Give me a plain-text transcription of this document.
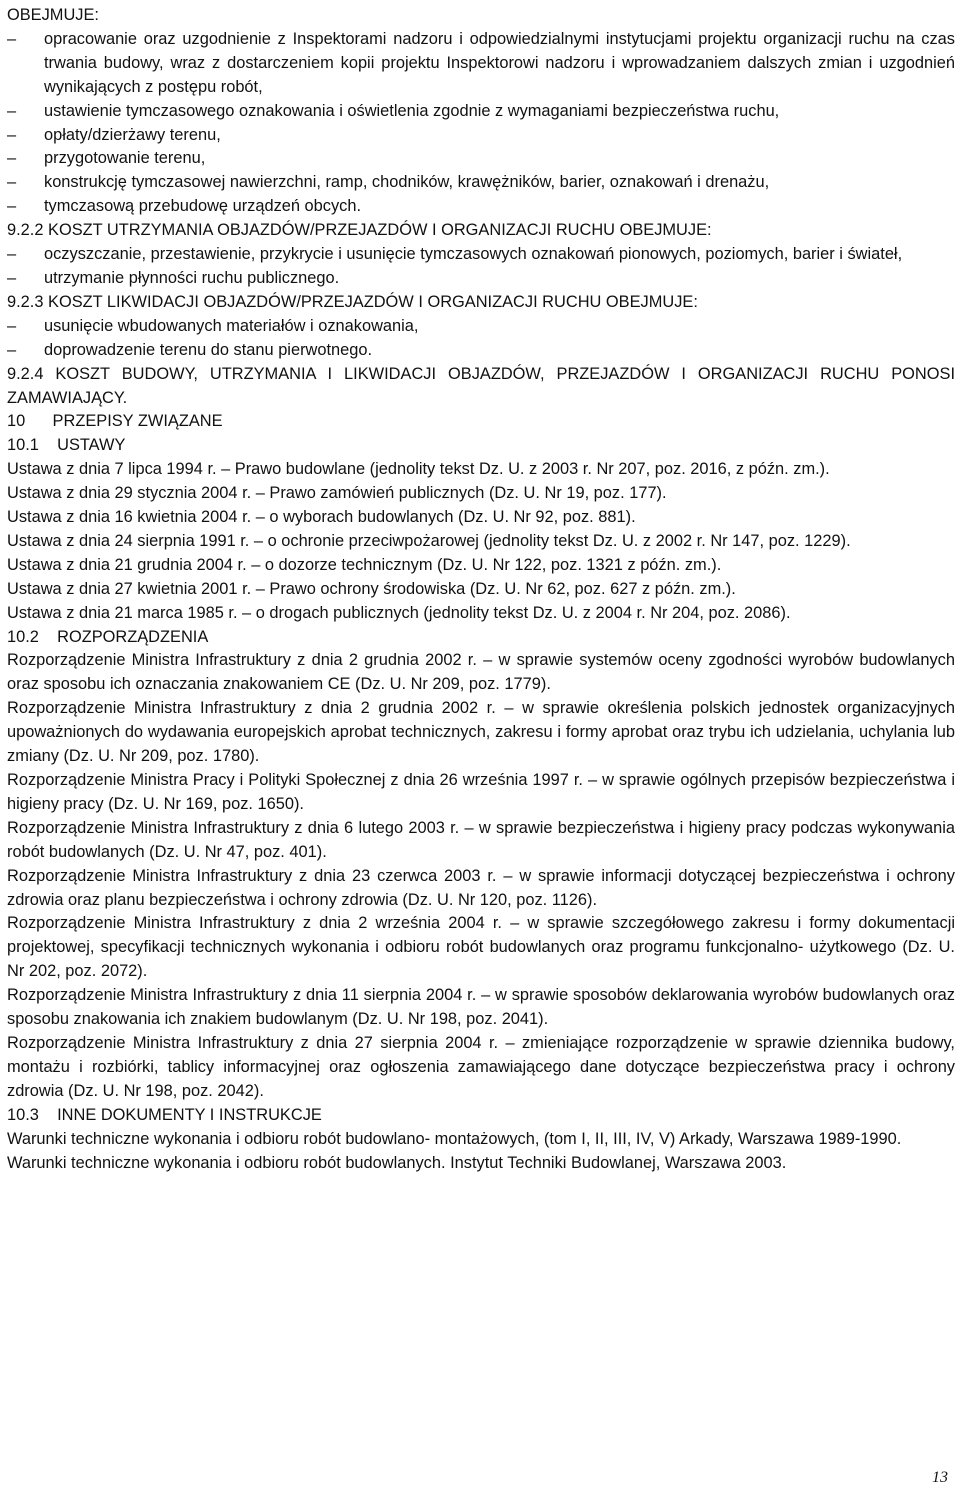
OBEJMUJE:

–	opracowanie oraz uzgodnienie z Inspektorami nadzoru i odpowiedzialnymi instytucjami projektu organizacji ruchu na czas trwania budowy, wraz z dostarczeniem kopii projektu Inspektorowi nadzoru i wprowadzaniem dalszych zmian i uzgodnień wynikających z postępu robót,
–	ustawienie tymczasowego oznakowania i oświetlenia zgodnie z wymaganiami bezpieczeństwa ruchu,
–	opłaty/dzierżawy terenu,
–	przygotowanie terenu,
–	konstrukcję tymczasowej nawierzchni, ramp, chodników, krawężników, barier, oznakowań i drenażu,
–	tymczasową przebudowę urządzeń obcych.

9.2.2 KOSZT UTRZYMANIA OBJAZDÓW/PRZEJAZDÓW I ORGANIZACJI RUCHU OBEJMUJE:

–	oczyszczanie, przestawienie, przykrycie i usunięcie tymczasowych oznakowań pionowych, poziomych, barier i świateł,
–	utrzymanie płynności ruchu publicznego.

9.2.3 KOSZT LIKWIDACJI OBJAZDÓW/PRZEJAZDÓW I ORGANIZACJI RUCHU OBEJMUJE:

–	usunięcie wbudowanych materiałów i oznakowania,
–	doprowadzenie terenu do stanu pierwotnego.

9.2.4 KOSZT BUDOWY, UTRZYMANIA I LIKWIDACJI OBJAZDÓW, PRZEJAZDÓW I ORGANIZACJI RUCHU PONOSI ZAMAWIAJĄCY.

10      PRZEPISY ZWIĄZANE

10.1    USTAWY

Ustawa z dnia 7 lipca 1994 r. – Prawo budowlane (jednolity tekst Dz. U. z 2003 r. Nr 207, poz. 2016, z późn. zm.).

Ustawa z dnia 29 stycznia 2004 r. – Prawo zamówień publicznych (Dz. U. Nr 19, poz. 177).

Ustawa z dnia 16 kwietnia 2004 r. – o wyborach budowlanych (Dz. U. Nr 92, poz. 881).

Ustawa z dnia 24 sierpnia 1991 r. – o ochronie przeciwpożarowej (jednolity tekst Dz. U. z 2002 r. Nr 147, poz. 1229).

Ustawa z dnia 21 grudnia 2004 r. – o dozorze technicznym (Dz. U. Nr 122, poz. 1321 z późn. zm.).

Ustawa z dnia 27 kwietnia 2001 r. – Prawo ochrony środowiska (Dz. U. Nr 62, poz. 627 z późn. zm.).

Ustawa z dnia 21 marca 1985 r. – o drogach publicznych (jednolity tekst Dz. U. z 2004 r. Nr 204, poz. 2086).

10.2    ROZPORZĄDZENIA

Rozporządzenie Ministra Infrastruktury z dnia 2 grudnia 2002 r. – w sprawie systemów oceny zgodności wyrobów budowlanych oraz sposobu ich oznaczania znakowaniem CE (Dz. U. Nr 209, poz. 1779).

Rozporządzenie Ministra Infrastruktury z dnia 2 grudnia 2002 r. – w sprawie określenia polskich jednostek organizacyjnych upoważnionych do wydawania europejskich aprobat technicznych, zakresu i formy aprobat oraz trybu ich udzielania, uchylania lub zmiany (Dz. U. Nr 209, poz. 1780).

Rozporządzenie Ministra Pracy i Polityki Społecznej z dnia 26 września 1997 r. – w sprawie ogólnych przepisów bezpieczeństwa i higieny pracy (Dz. U. Nr 169, poz. 1650).

Rozporządzenie Ministra Infrastruktury z dnia 6 lutego 2003 r. – w sprawie bezpieczeństwa i higieny pracy podczas wykonywania robót budowlanych (Dz. U. Nr 47, poz. 401).

Rozporządzenie Ministra Infrastruktury z dnia 23 czerwca 2003 r. – w sprawie informacji dotyczącej bezpieczeństwa i ochrony zdrowia oraz planu bezpieczeństwa i ochrony zdrowia (Dz. U. Nr 120, poz. 1126).

Rozporządzenie Ministra Infrastruktury z dnia 2 września 2004 r. – w sprawie szczegółowego zakresu i formy dokumentacji projektowej, specyfikacji technicznych wykonania i odbioru robót budowlanych oraz programu funkcjonalno- użytkowego (Dz. U. Nr 202, poz. 2072).

Rozporządzenie Ministra Infrastruktury z dnia 11 sierpnia 2004 r. – w sprawie sposobów deklarowania wyrobów budowlanych oraz sposobu znakowania ich znakiem budowlanym (Dz. U. Nr 198, poz. 2041).

Rozporządzenie Ministra Infrastruktury z dnia 27 sierpnia 2004 r. – zmieniające rozporządzenie w sprawie dziennika budowy, montażu i rozbiórki, tablicy informacyjnej oraz ogłoszenia zamawiającego dane dotyczące bezpieczeństwa pracy i ochrony zdrowia (Dz. U. Nr 198, poz. 2042).

10.3    INNE DOKUMENTY I INSTRUKCJE

Warunki techniczne wykonania i odbioru robót budowlano- montażowych, (tom I, II, III, IV, V) Arkady, Warszawa 1989-1990.

Warunki techniczne wykonania i odbioru robót budowlanych. Instytut Techniki Budowlanej, Warszawa 2003.

13
